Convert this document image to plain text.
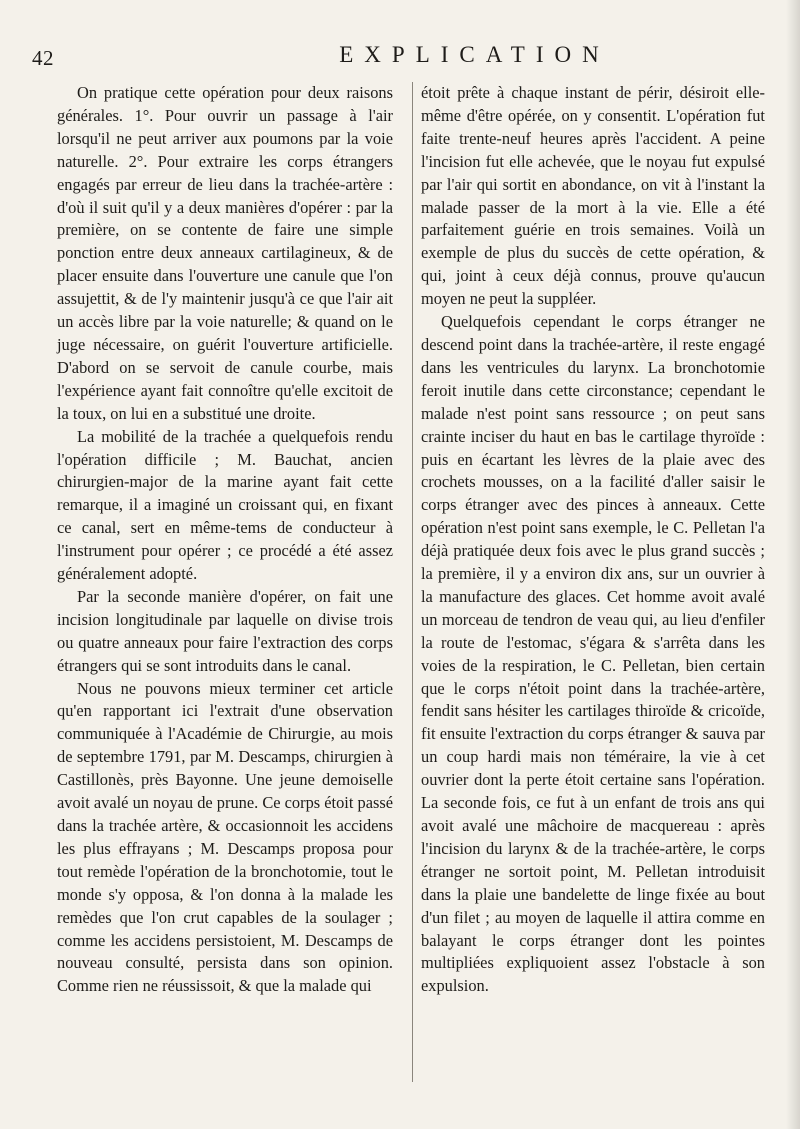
42	EXPLICATION

On pratique cette opération pour deux raisons générales. 1°. Pour ouvrir un passage à l'air lorsqu'il ne peut arriver aux poumons par la voie naturelle. 2°. Pour extraire les corps étrangers engagés par erreur de lieu dans la trachée-artère : d'où il suit qu'il y a deux manières d'opérer : par la première, on se contente de faire une simple ponction entre deux anneaux cartilagineux, & de placer ensuite dans l'ouverture une canule que l'on assujettit, & de l'y maintenir jusqu'à ce que l'air ait un accès libre par la voie naturelle; & quand on le juge nécessaire, on guérit l'ouverture artificielle. D'abord on se servoit de canule courbe, mais l'expérience ayant fait connoître qu'elle excitoit de la toux, on lui en a substitué une droite.

La mobilité de la trachée a quelquefois rendu l'opération difficile ; M. Bauchat, ancien chirurgien-major de la marine ayant fait cette remarque, il a imaginé un croissant qui, en fixant ce canal, sert en même-tems de conducteur à l'instrument pour opérer ; ce procédé a été assez généralement adopté.

Par la seconde manière d'opérer, on fait une incision longitudinale par laquelle on divise trois ou quatre anneaux pour faire l'extraction des corps étrangers qui se sont introduits dans le canal.

Nous ne pouvons mieux terminer cet article qu'en rapportant ici l'extrait d'une observation communiquée à l'Académie de Chirurgie, au mois de septembre 1791, par M. Descamps, chirurgien à Castillonès, près Bayonne. Une jeune demoiselle avoit avalé un noyau de prune. Ce corps étoit passé dans la trachée artère, & occasionnoit les accidens les plus effrayans ; M. Descamps proposa pour tout remède l'opération de la bronchotomie, tout le monde s'y opposa, & l'on donna à la malade les remèdes que l'on crut capables de la soulager ; comme les accidens persistoient, M. Descamps de nouveau consulté, persista dans son opinion. Comme rien ne réussissoit, & que la malade qui

étoit prête à chaque instant de périr, désiroit elle-même d'être opérée, on y consentit. L'opération fut faite trente-neuf heures après l'accident. A peine l'incision fut elle achevée, que le noyau fut expulsé par l'air qui sortit en abondance, on vit à l'instant la malade passer de la mort à la vie. Elle a été parfaitement guérie en trois semaines. Voilà un exemple de plus du succès de cette opération, & qui, joint à ceux déjà connus, prouve qu'aucun moyen ne peut la suppléer.

Quelquefois cependant le corps étranger ne descend point dans la trachée-artère, il reste engagé dans les ventricules du larynx. La bronchotomie feroit inutile dans cette circonstance; cependant le malade n'est point sans ressource ; on peut sans crainte inciser du haut en bas le cartilage thyroïde : puis en écartant les lèvres de la plaie avec des crochets mousses, on a la facilité d'aller saisir le corps étranger avec des pinces à anneaux. Cette opération n'est point sans exemple, le C. Pelletan l'a déjà pratiquée deux fois avec le plus grand succès ; la première, il y a environ dix ans, sur un ouvrier à la manufacture des glaces. Cet homme avoit avalé un morceau de tendron de veau qui, au lieu d'enfiler la route de l'estomac, s'égara & s'arrêta dans les voies de la respiration, le C. Pelletan, bien certain que le corps n'étoit point dans la trachée-artère, fendit sans hésiter les cartilages thiroïde & cricoïde, fit ensuite l'extraction du corps étranger & sauva par un coup hardi mais non téméraire, la vie à cet ouvrier dont la perte étoit certaine sans l'opération. La seconde fois, ce fut à un enfant de trois ans qui avoit avalé une mâchoire de macquereau : après l'incision du larynx & de la trachée-artère, le corps étranger ne sortoit point, M. Pelletan introduisit dans la plaie une bandelette de linge fixée au bout d'un filet ; au moyen de laquelle il attira comme en balayant le corps étranger dont les pointes multipliées expliquoient assez l'obstacle à son expulsion.
